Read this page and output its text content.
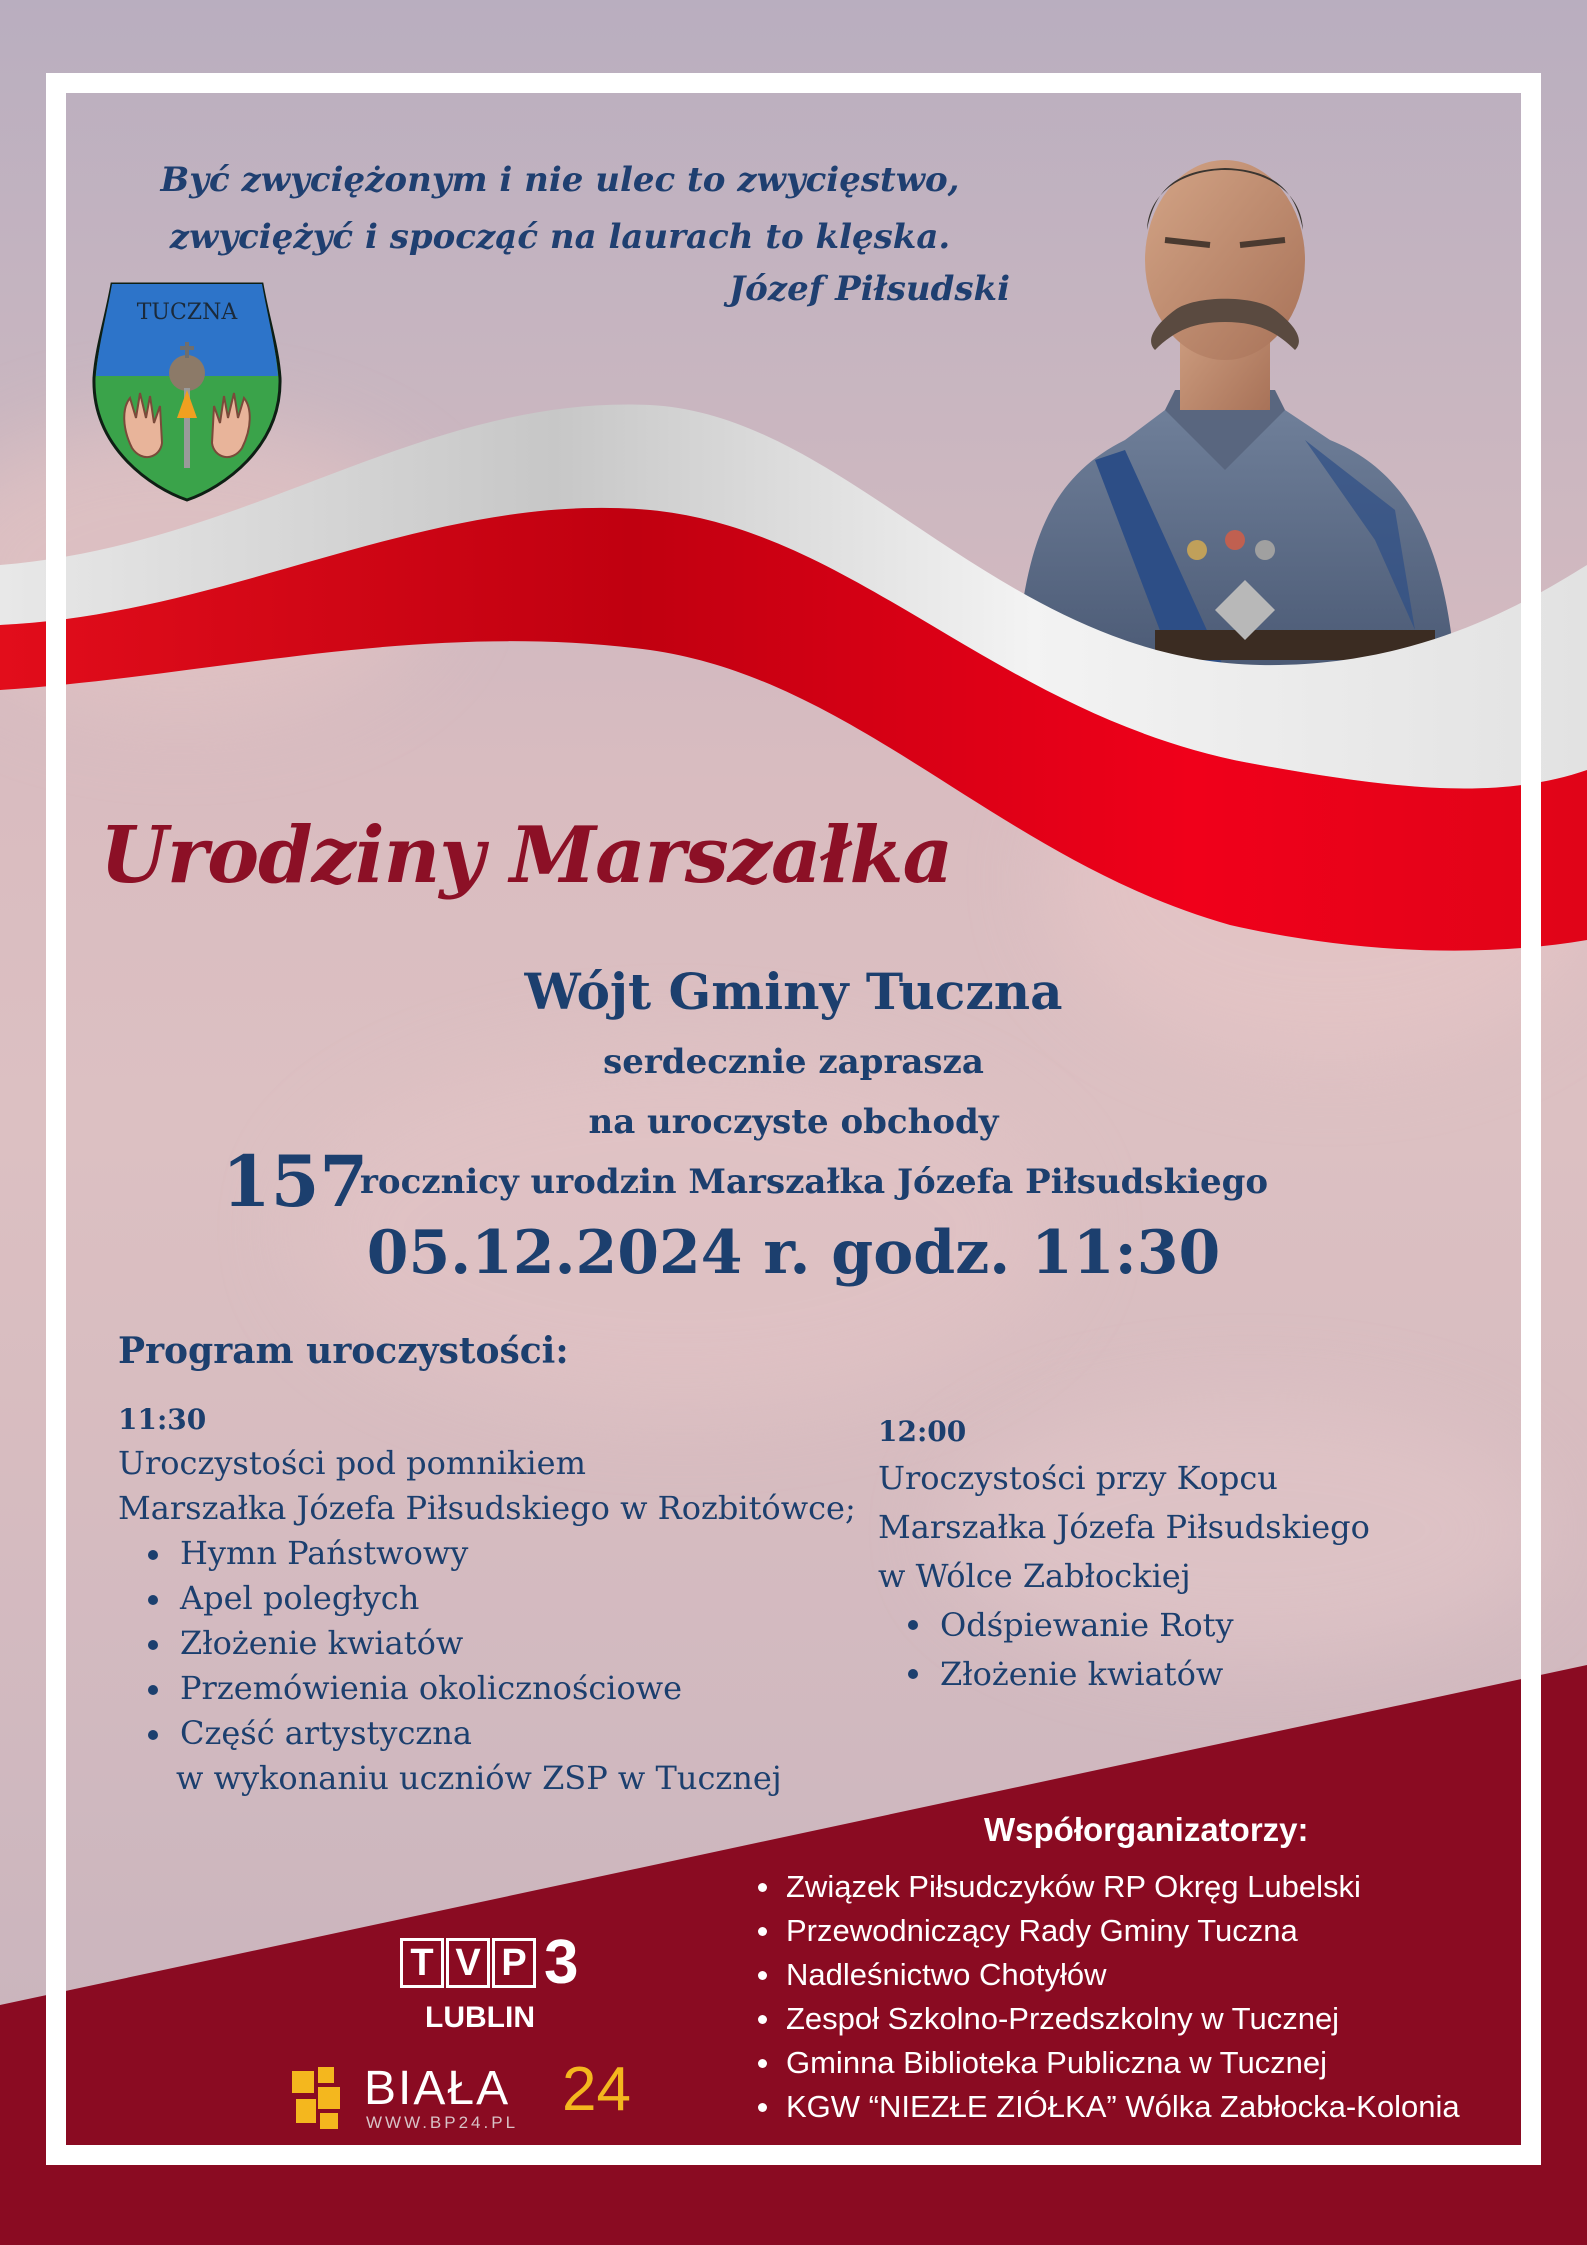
TUCZNA
Być zwyciężonym i nie ulec to zwycięstwo,
zwyciężyć i spocząć na laurach to klęska.
Józef Piłsudski
Urodziny Marszałka
Wójt Gminy Tuczna
serdecznie zaprasza
na uroczyste obchody
157
rocznicy urodzin Marszałka Józefa Piłsudskiego
05.12.2024 r. godz. 11:30
Program uroczystości:
11:30
Uroczystości pod pomnikiem
Marszałka Józefa Piłsudskiego w Rozbitówce;
Hymn Państwowy
Apel poległych
Złożenie kwiatów
Przemówienia okolicznościowe
Część artystyczna
w wykonaniu uczniów ZSP w Tucznej
12:00
Uroczystości przy Kopcu
Marszałka Józefa Piłsudskiego
w Wólce Zabłockiej
Odśpiewanie Roty
Złożenie kwiatów
Współorganizatorzy:
Związek Piłsudczyków RP Okręg Lubelski
Przewodniczący Rady Gminy Tuczna
Nadleśnictwo Chotyłów
Zespoł Szkolno-Przedszkolny w Tucznej
Gminna Biblioteka Publiczna w Tucznej
KGW “NIEZŁE ZIÓŁKA” Wólka Zabłocka-Kolonia
T V P 3
LUBLIN
BIAŁA 24
WWW.BP24.PL
